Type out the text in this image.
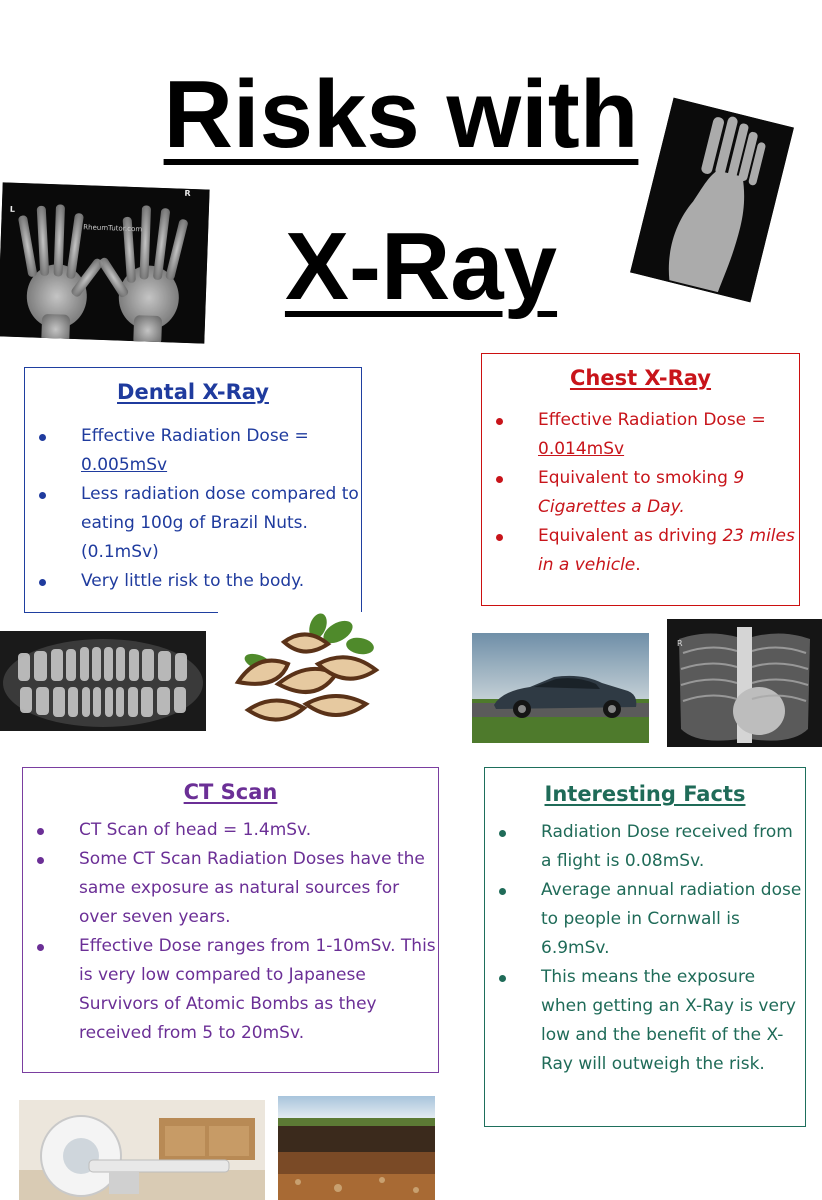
Risks with
X-Ray
RheumTutor.com
L
R
Dental X-Ray
Effective Radiation Dose = 0.005mSv
Less radiation dose compared to eating 100g of Brazil Nuts. (0.1mSv)
Very little risk to the body.
Chest X-Ray
Effective Radiation Dose = 0.014mSv
Equivalent to smoking 9 Cigarettes a Day.
Equivalent as driving 23 miles in a vehicle.
R
CT Scan
CT Scan of head = 1.4mSv.
Some CT Scan Radiation Doses have the same exposure as natural sources for over seven years.
Effective Dose ranges from 1-10mSv. This is very low compared to Japanese Survivors of Atomic Bombs as they received from 5 to 20mSv.
Interesting Facts
Radiation Dose received from a flight is 0.08mSv.
Average annual radiation dose to people in Cornwall is 6.9mSv.
This means the exposure when getting an X-Ray is very low and the benefit of the X-Ray will outweigh the risk.
